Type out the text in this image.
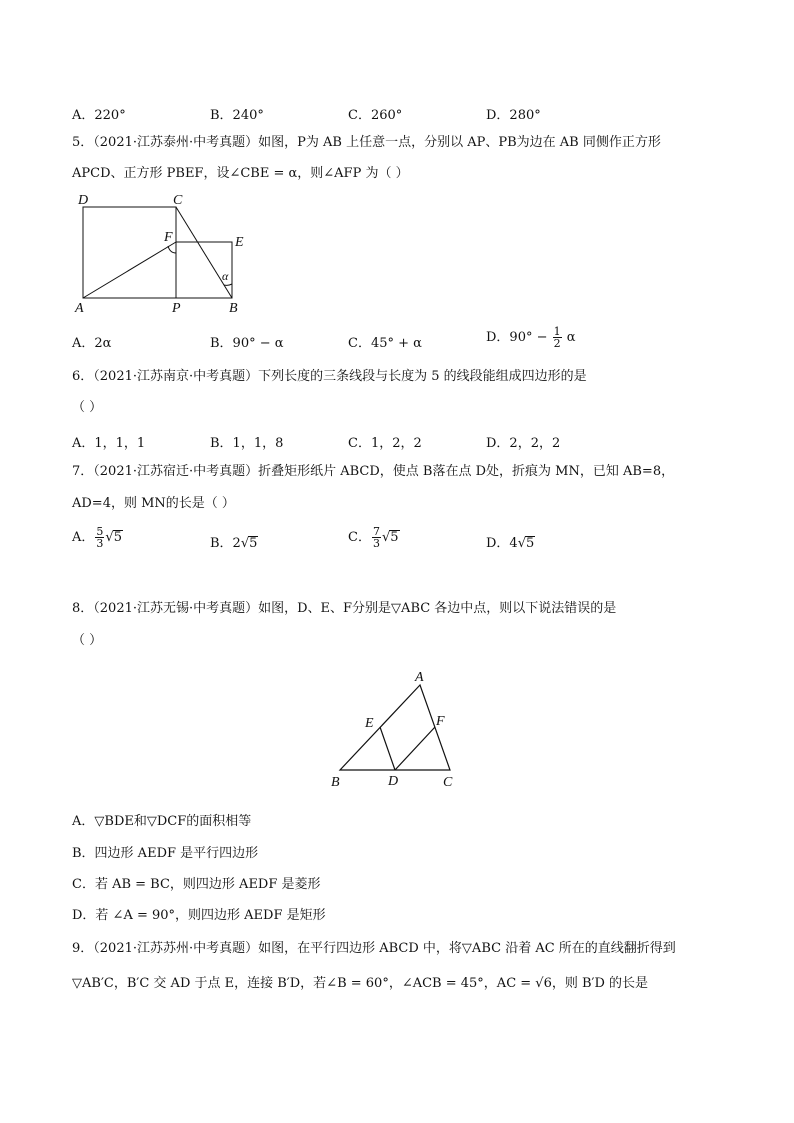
A．220°	B．240°	C．260°	D．280°
5．（2021·江苏泰州·中考真题）如图，P为 AB 上任意一点，分别以 AP、PB为边在 AB 同侧作正方形
APCD、正方形 PBEF，设∠CBE = α，则∠AFP 为（ ）
D	C
F	E
α
A	P	B
A．2α	B．90° − α	C．45° + α	D．$90^\circ - \frac{1}{2}$ α
6．（2021·江苏南京·中考真题）下列长度的三条线段与长度为 5 的线段能组成四边形的是
（ ）
A．1，1，1	B．1，1，8	C．1，2，2	D．2，2，2
7．（2021·江苏宿迁·中考真题）折叠矩形纸片 ABCD，使点 B落在点 D处，折痕为 MN，已知 AB=8，
AD=4，则 MN的长是（ ）
A． $\frac{5}{3} √5$	B．2√5	C． $\frac{7}{3} √5$	D．4√5
8．（2021·江苏无锡·中考真题）如图，D、E、F分别是▽ABC 各边中点，则以下说法错误的是
（ ）
A
E	F
B	D	C
A．▽BDE和▽DCF的面积相等
B．四边形 AEDF 是平行四边形
C．若 AB = BC，则四边形 AEDF 是菱形
D．若 ∠A = 90°，则四边形 AEDF 是矩形
9．（2021·江苏苏州·中考真题）如图，在平行四边形 ABCD 中，将▽ABC 沿着 AC 所在的直线翻折得到
▽AB′C，B′C 交 AD 于点 E，连接 B′D，若∠B = 60°，∠ACB = 45°，AC = √6，则 B′D 的长是
